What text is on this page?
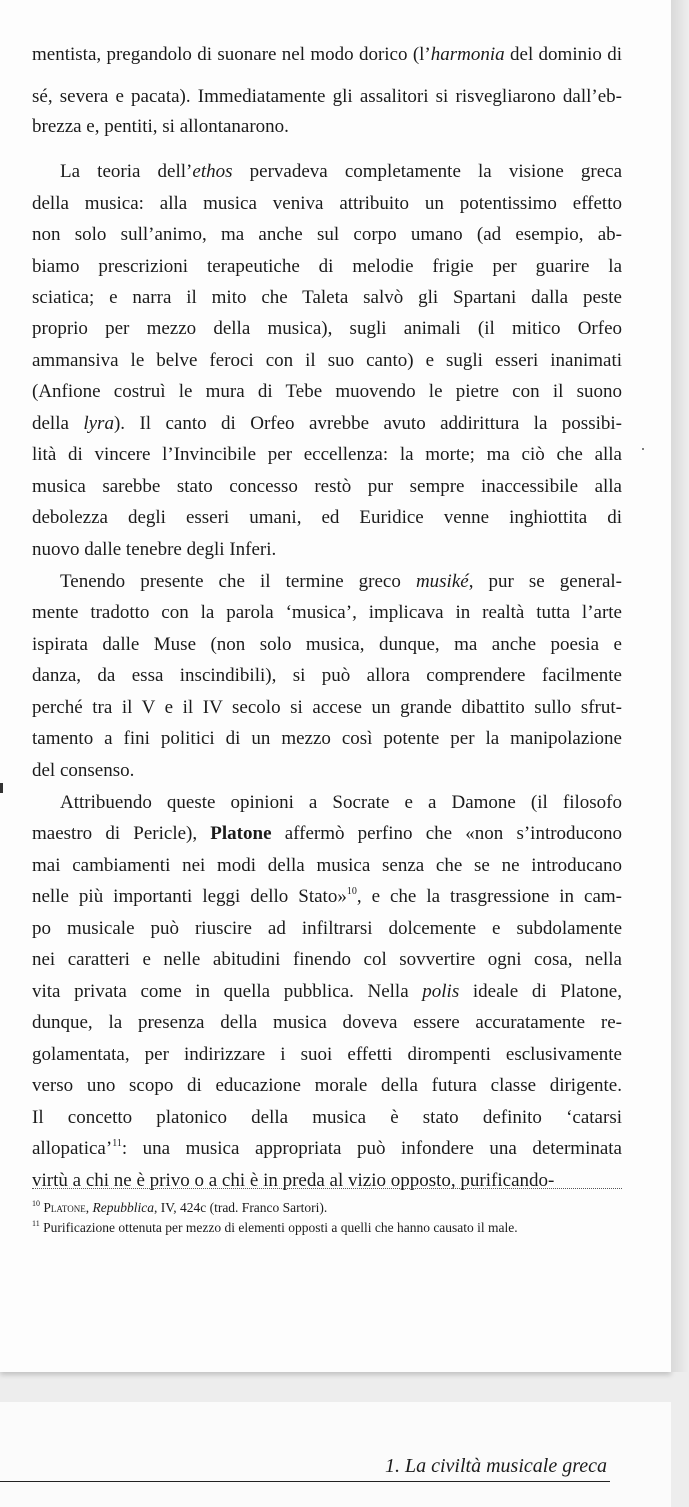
mentista, pregandolo di suonare nel modo dorico (l’harmonia del dominio di
sé, severa e pacata). Immediatamente gli assalitori si risvegliarono dall’eb-
brezza e, pentiti, si allontanarono.
La teoria dell’ethos pervadeva completamente la visione greca
della musica: alla musica veniva attribuito un potentissimo effetto
non solo sull’animo, ma anche sul corpo umano (ad esempio, ab-
biamo prescrizioni terapeutiche di melodie frigie per guarire la
sciatica; e narra il mito che Taleta salvò gli Spartani dalla peste
proprio per mezzo della musica), sugli animali (il mitico Orfeo
ammansiva le belve feroci con il suo canto) e sugli esseri inanimati
(Anfione costruì le mura di Tebe muovendo le pietre con il suono
della lyra). Il canto di Orfeo avrebbe avuto addirittura la possibi-
lità di vincere l’Invincibile per eccellenza: la morte; ma ciò che alla
musica sarebbe stato concesso restò pur sempre inaccessibile alla
debolezza degli esseri umani, ed Euridice venne inghiottita di
nuovo dalle tenebre degli Inferi.
Tenendo presente che il termine greco musiké, pur se general-
mente tradotto con la parola ‘musica’, implicava in realtà tutta l’arte
ispirata dalle Muse (non solo musica, dunque, ma anche poesia e
danza, da essa inscindibili), si può allora comprendere facilmente
perché tra il V e il IV secolo si accese un grande dibattito sullo sfrut-
tamento a fini politici di un mezzo così potente per la manipolazione
del consenso.
Attribuendo queste opinioni a Socrate e a Damone (il filosofo
maestro di Pericle), Platone affermò perfino che «non s’introducono
mai cambiamenti nei modi della musica senza che se ne introducano
nelle più importanti leggi dello Stato»$^{10}$, e che la trasgressione in cam-
po musicale può riuscire ad infiltrarsi dolcemente e subdolamente
nei caratteri e nelle abitudini finendo col sovvertire ogni cosa, nella
vita privata come in quella pubblica. Nella polis ideale di Platone,
dunque, la presenza della musica doveva essere accuratamente re-
golamentata, per indirizzare i suoi effetti dirompenti esclusivamente
verso uno scopo di educazione morale della futura classe dirigente.
Il concetto platonico della musica è stato definito ‘catarsi
allopatica’$^{11}$: una musica appropriata può infondere una determinata
virtù a chi ne è privo o a chi è in preda al vizio opposto, purificando-
$^{10}$ Platone, Repubblica, IV, 424c (trad. Franco Sartori).
$^{11}$ Purificazione ottenuta per mezzo di elementi opposti a quelli che hanno causato il male.
1. La civiltà musicale greca
